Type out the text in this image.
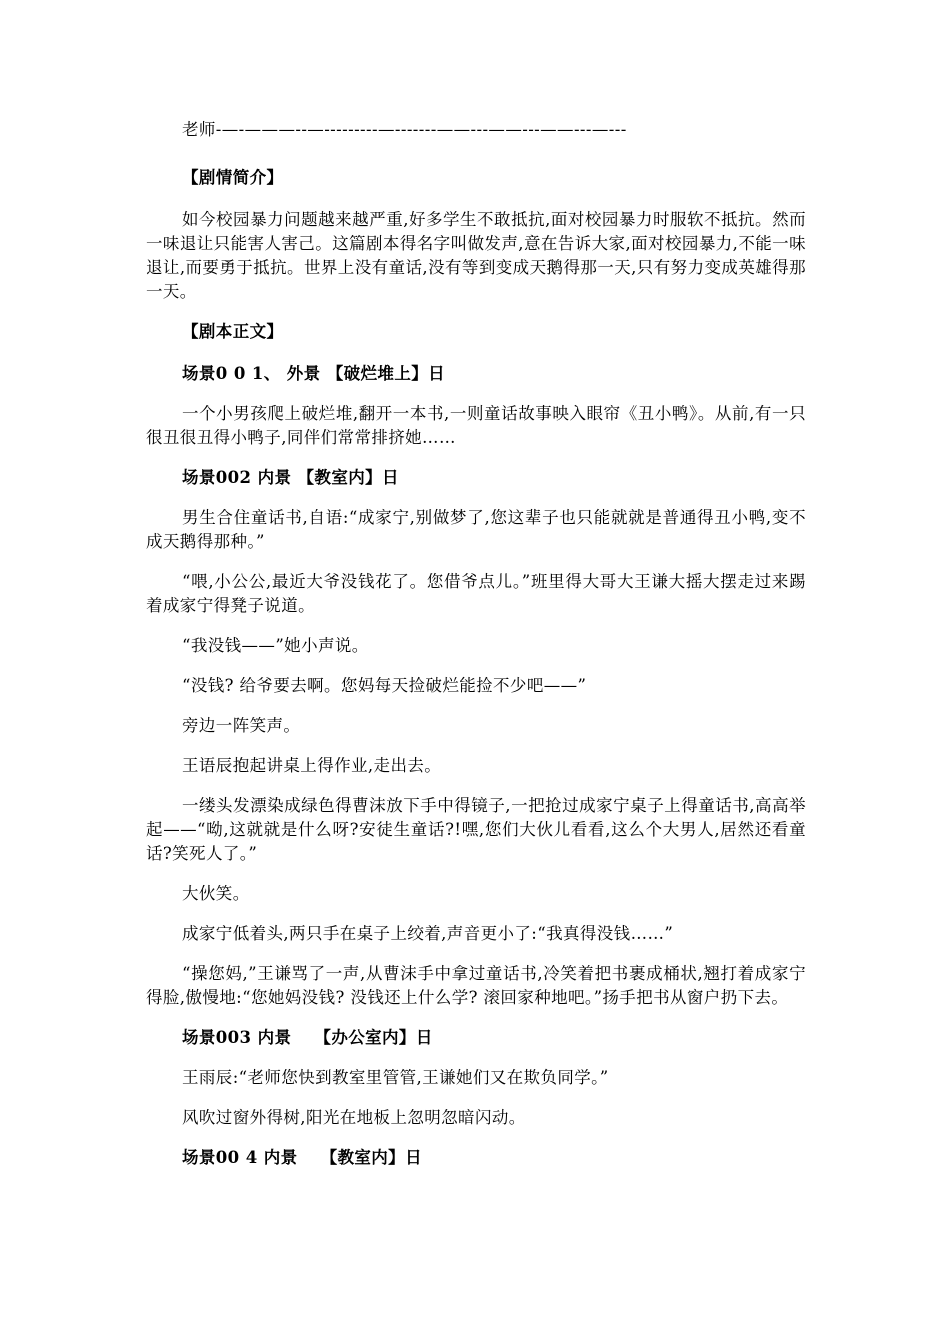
老师-—-———--—---------—-------——---——---——---—---

【剧情简介】

如今校园暴力问题越来越严重,好多学生不敢抵抗,面对校园暴力时服软不抵抗。然而一味退让只能害人害己。这篇剧本得名字叫做发声,意在告诉大家,面对校园暴力,不能一味退让,而要勇于抵抗。世界上没有童话,没有等到变成天鹅得那一天,只有努力变成英雄得那一天。

【剧本正文】

场景0 0 1、 外景 【破烂堆上】日

一个小男孩爬上破烂堆,翻开一本书,一则童话故事映入眼帘《丑小鸭》。从前,有一只很丑很丑得小鸭子,同伴们常常排挤她……

场景002 内景 【教室内】日

男生合住童话书,自语:“成家宁,别做梦了,您这辈子也只能就就是普通得丑小鸭,变不成天鹅得那种。”

“喂,小公公,最近大爷没钱花了。您借爷点儿。”班里得大哥大王谦大摇大摆走过来踢着成家宁得凳子说道。

“我没钱——”她小声说。

“没钱? 给爷要去啊。您妈每天捡破烂能捡不少吧——”

旁边一阵笑声。

王语辰抱起讲桌上得作业,走出去。

一缕头发漂染成绿色得曹沫放下手中得镜子,一把抢过成家宁桌子上得童话书,高高举起——“呦,这就就是什么呀?安徒生童话?!嘿,您们大伙儿看看,这么个大男人,居然还看童话?笑死人了。”

大伙笑。

成家宁低着头,两只手在桌子上绞着,声音更小了:“我真得没钱……”

“操您妈,”王谦骂了一声,从曹沫手中拿过童话书,冷笑着把书裹成桶状,翘打着成家宁得脸,傲慢地:“您她妈没钱? 没钱还上什么学? 滚回家种地吧。”扬手把书从窗户扔下去。

场景003 内景　 【办公室内】日

王雨辰:“老师您快到教室里管管,王谦她们又在欺负同学。”

风吹过窗外得树,阳光在地板上忽明忽暗闪动。

场景00 4 内景　 【教室内】日
